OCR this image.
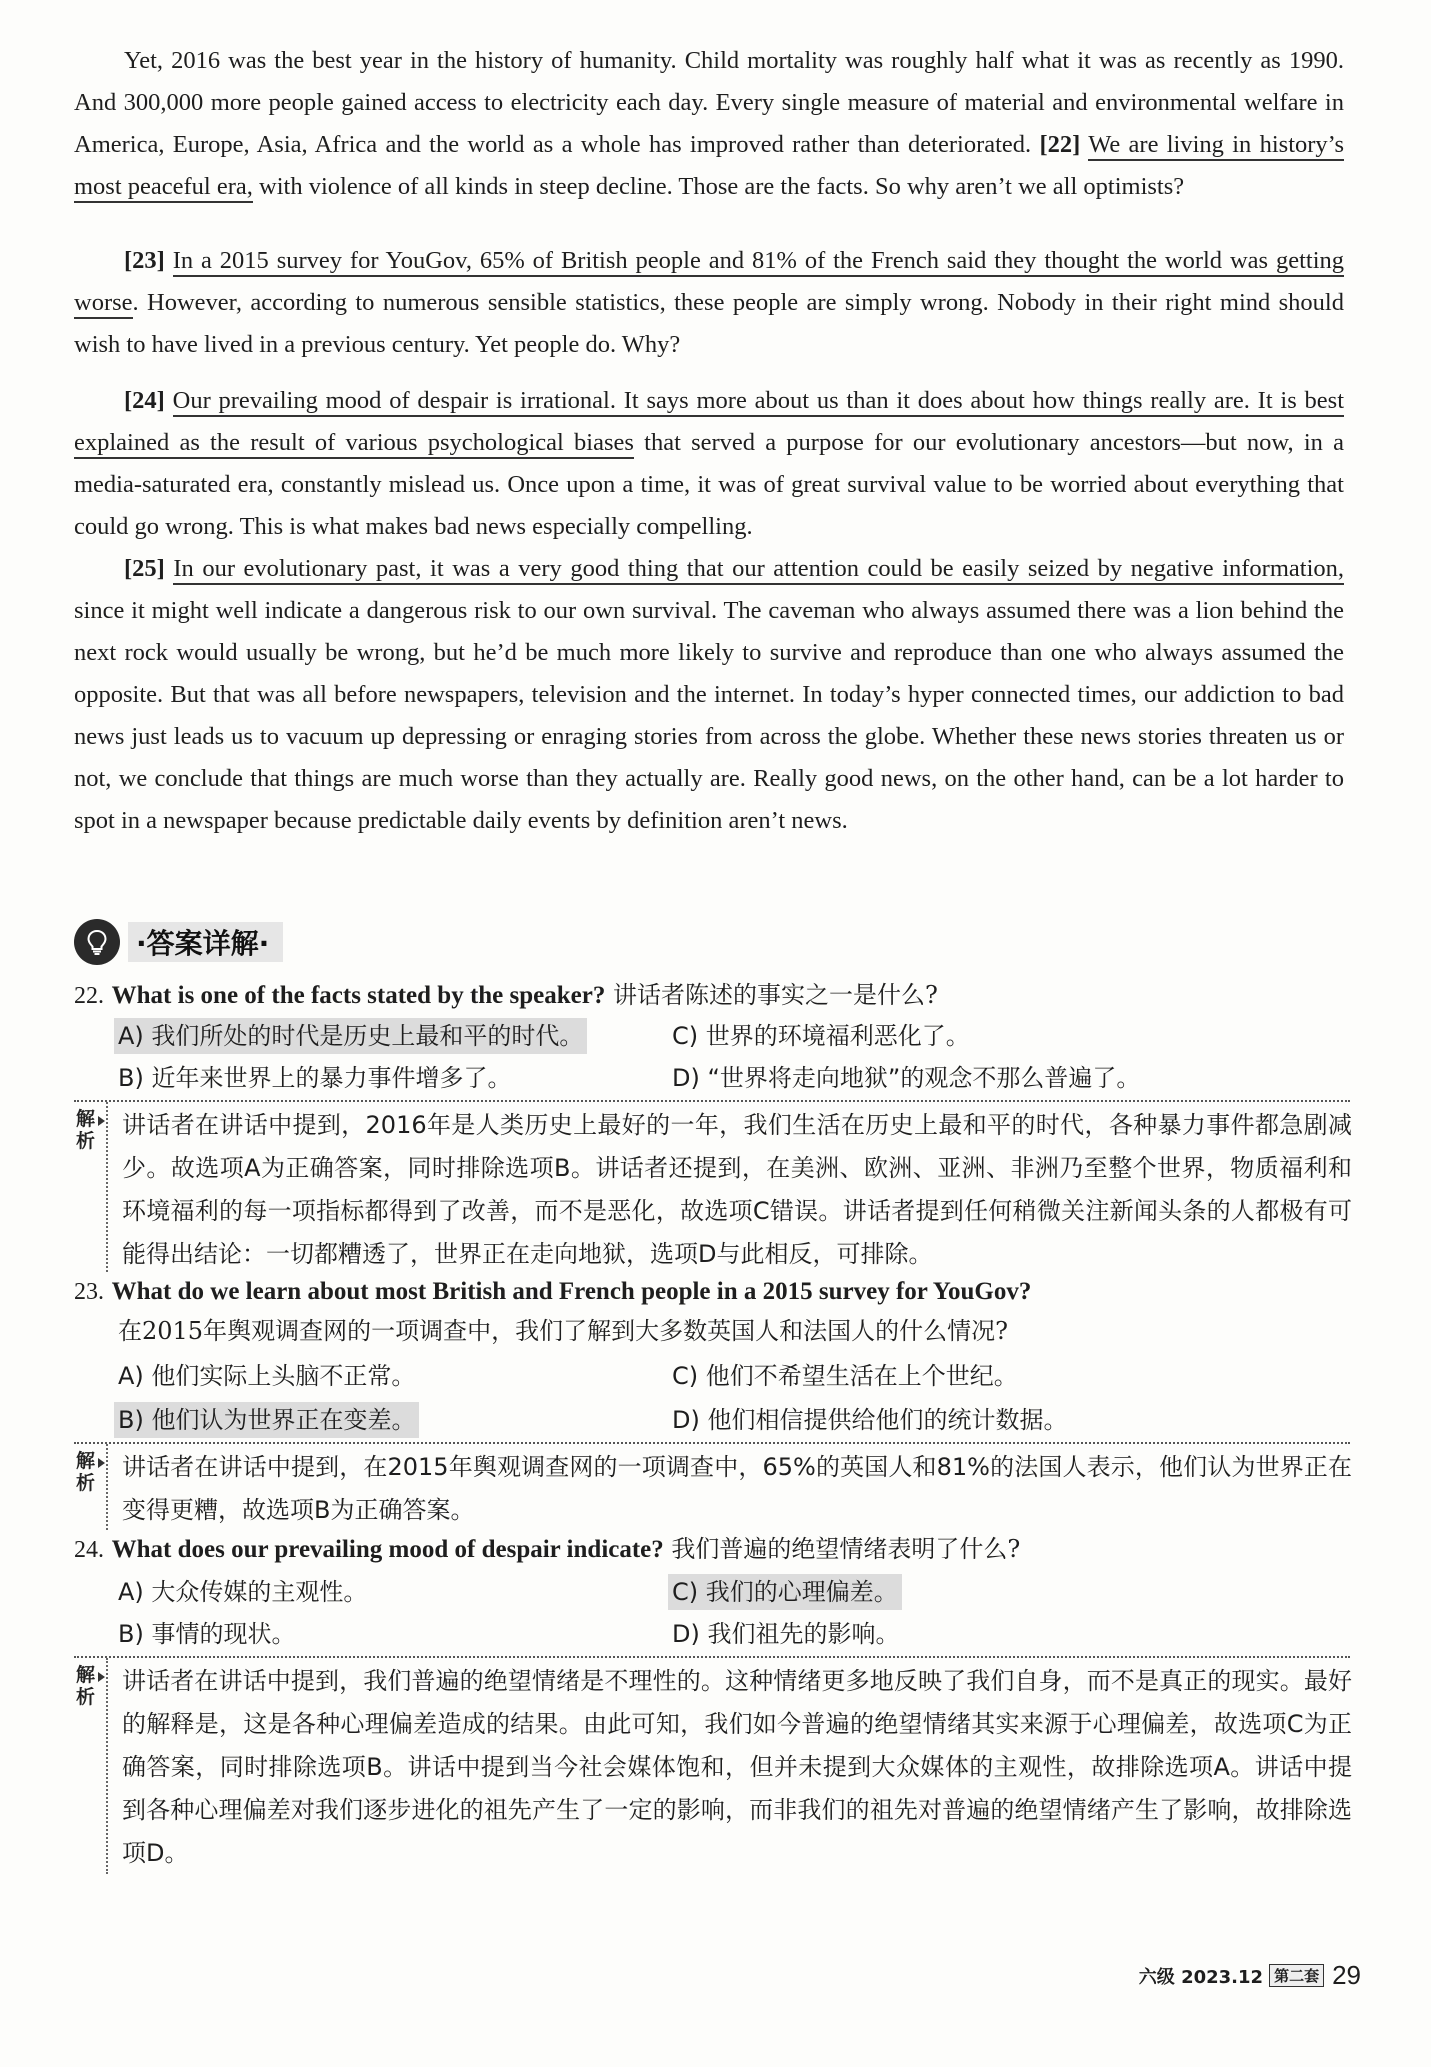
Yet, 2016 was the best year in the history of humanity. Child mortality was roughly half what it was as recently as 1990. And 300,000 more people gained access to electricity each day. Every single measure of material and environmental welfare in America, Europe, Asia, Africa and the world as a whole has improved rather than deteriorated. [22] We are living in history’s most peaceful era, with violence of all kinds in steep decline. Those are the facts. So why aren’t we all optimists?

[23] In a 2015 survey for YouGov, 65% of British people and 81% of the French said they thought the world was getting worse. However, according to numerous sensible statistics, these people are simply wrong. Nobody in their right mind should wish to have lived in a previous century. Yet people do. Why?

[24] Our prevailing mood of despair is irrational. It says more about us than it does about how things really are. It is best explained as the result of various psychological biases that served a purpose for our evolutionary ancestors—but now, in a media-saturated era, constantly mislead us. Once upon a time, it was of great survival value to be worried about everything that could go wrong. This is what makes bad news especially compelling.

[25] In our evolutionary past, it was a very good thing that our attention could be easily seized by negative information, since it might well indicate a dangerous risk to our own survival. The caveman who always assumed there was a lion behind the next rock would usually be wrong, but he’d be much more likely to survive and reproduce than one who always assumed the opposite. But that was all before newspapers, television and the internet. In today’s hyper connected times, our addiction to bad news just leads us to vacuum up depressing or enraging stories from across the globe. Whether these news stories threaten us or not, we conclude that things are much worse than they actually are. Really good news, on the other hand, can be a lot harder to spot in a newspaper because predictable daily events by definition aren’t news.

·答案详解·
22. What is one of the facts stated by the speaker? 讲话者陈述的事实之一是什么?
A) 我们所处的时代是历史上最和平的时代。	C) 世界的环境福利恶化了。
B) 近年来世界上的暴力事件增多了。	D) “世界将走向地狱”的观念不那么普遍了。
解析

讲话者在讲话中提到，2016年是人类历史上最好的一年，我们生活在历史上最和平的时代，各种暴力事件都急剧减少。故选项A为正确答案，同时排除选项B。讲话者还提到，在美洲、欧洲、亚洲、非洲乃至整个世界，物质福利和环境福利的每一项指标都得到了改善，而不是恶化，故选项C错误。讲话者提到任何稍微关注新闻头条的人都极有可能得出结论：一切都糟透了，世界正在走向地狱，选项D与此相反，可排除。

23. What do we learn about most British and French people in a 2015 survey for YouGov?
在2015年舆观调查网的一项调查中，我们了解到大多数英国人和法国人的什么情况?
A) 他们实际上头脑不正常。	C) 他们不希望生活在上个世纪。
B) 他们认为世界正在变差。	D) 他们相信提供给他们的统计数据。
解析

讲话者在讲话中提到，在2015年舆观调查网的一项调查中，65%的英国人和81%的法国人表示，他们认为世界正在变得更糟，故选项B为正确答案。

24. What does our prevailing mood of despair indicate? 我们普遍的绝望情绪表明了什么?
A) 大众传媒的主观性。	C) 我们的心理偏差。
B) 事情的现状。	D) 我们祖先的影响。
解析

讲话者在讲话中提到，我们普遍的绝望情绪是不理性的。这种情绪更多地反映了我们自身，而不是真正的现实。最好的解释是，这是各种心理偏差造成的结果。由此可知，我们如今普遍的绝望情绪其实来源于心理偏差，故选项C为正确答案，同时排除选项B。讲话中提到当今社会媒体饱和，但并未提到大众媒体的主观性，故排除选项A。讲话中提到各种心理偏差对我们逐步进化的祖先产生了一定的影响，而非我们的祖先对普遍的绝望情绪产生了影响，故排除选项D。

六级 2023.12 第二套 29
